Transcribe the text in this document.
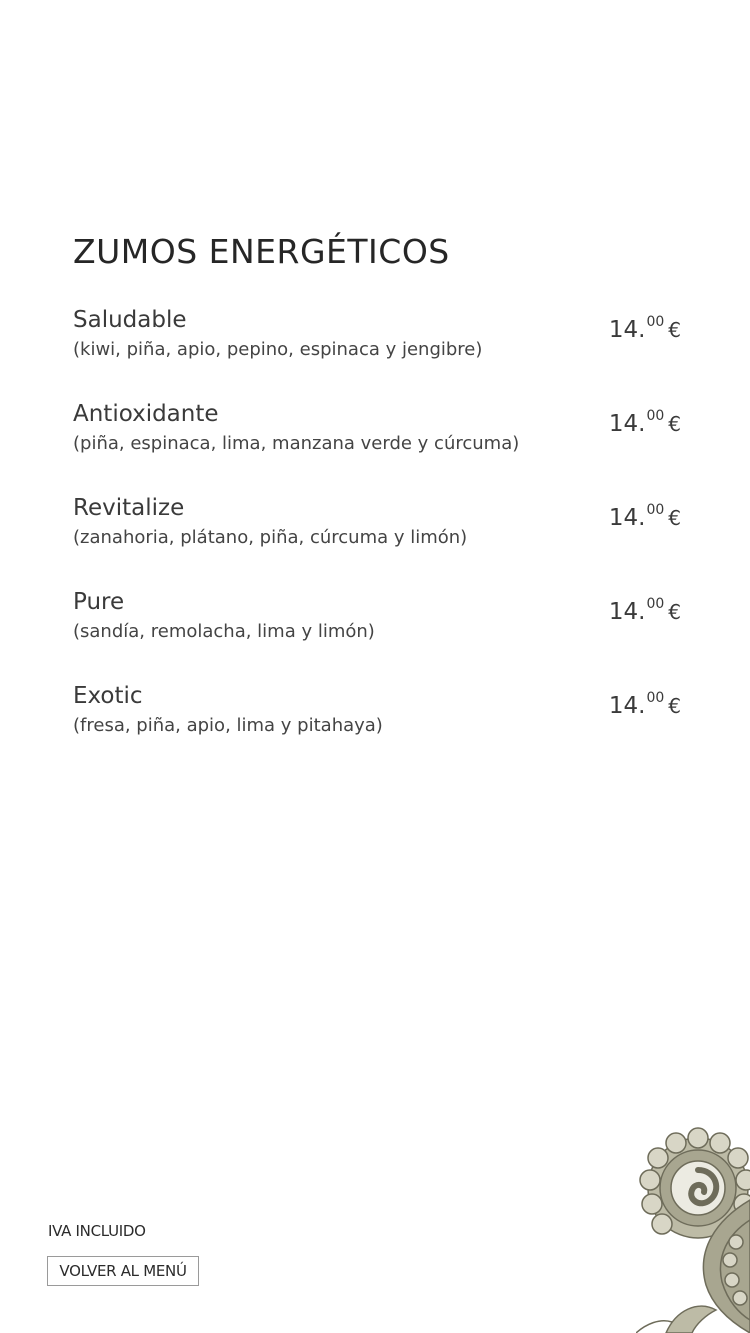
ZUMOS ENERGÉTICOS
Saludable
(kiwi, piña, apio, pepino, espinaca y jengibre)
14.00 €
Antioxidante
(piña, espinaca, lima, manzana verde y cúrcuma)
14.00 €
Revitalize
(zanahoria, plátano, piña, cúrcuma y limón)
14.00 €
Pure
(sandía, remolacha, lima y limón)
14.00 €
Exotic
(fresa, piña, apio, lima y pitahaya)
14.00 €
IVA INCLUIDO
VOLVER AL MENÚ
